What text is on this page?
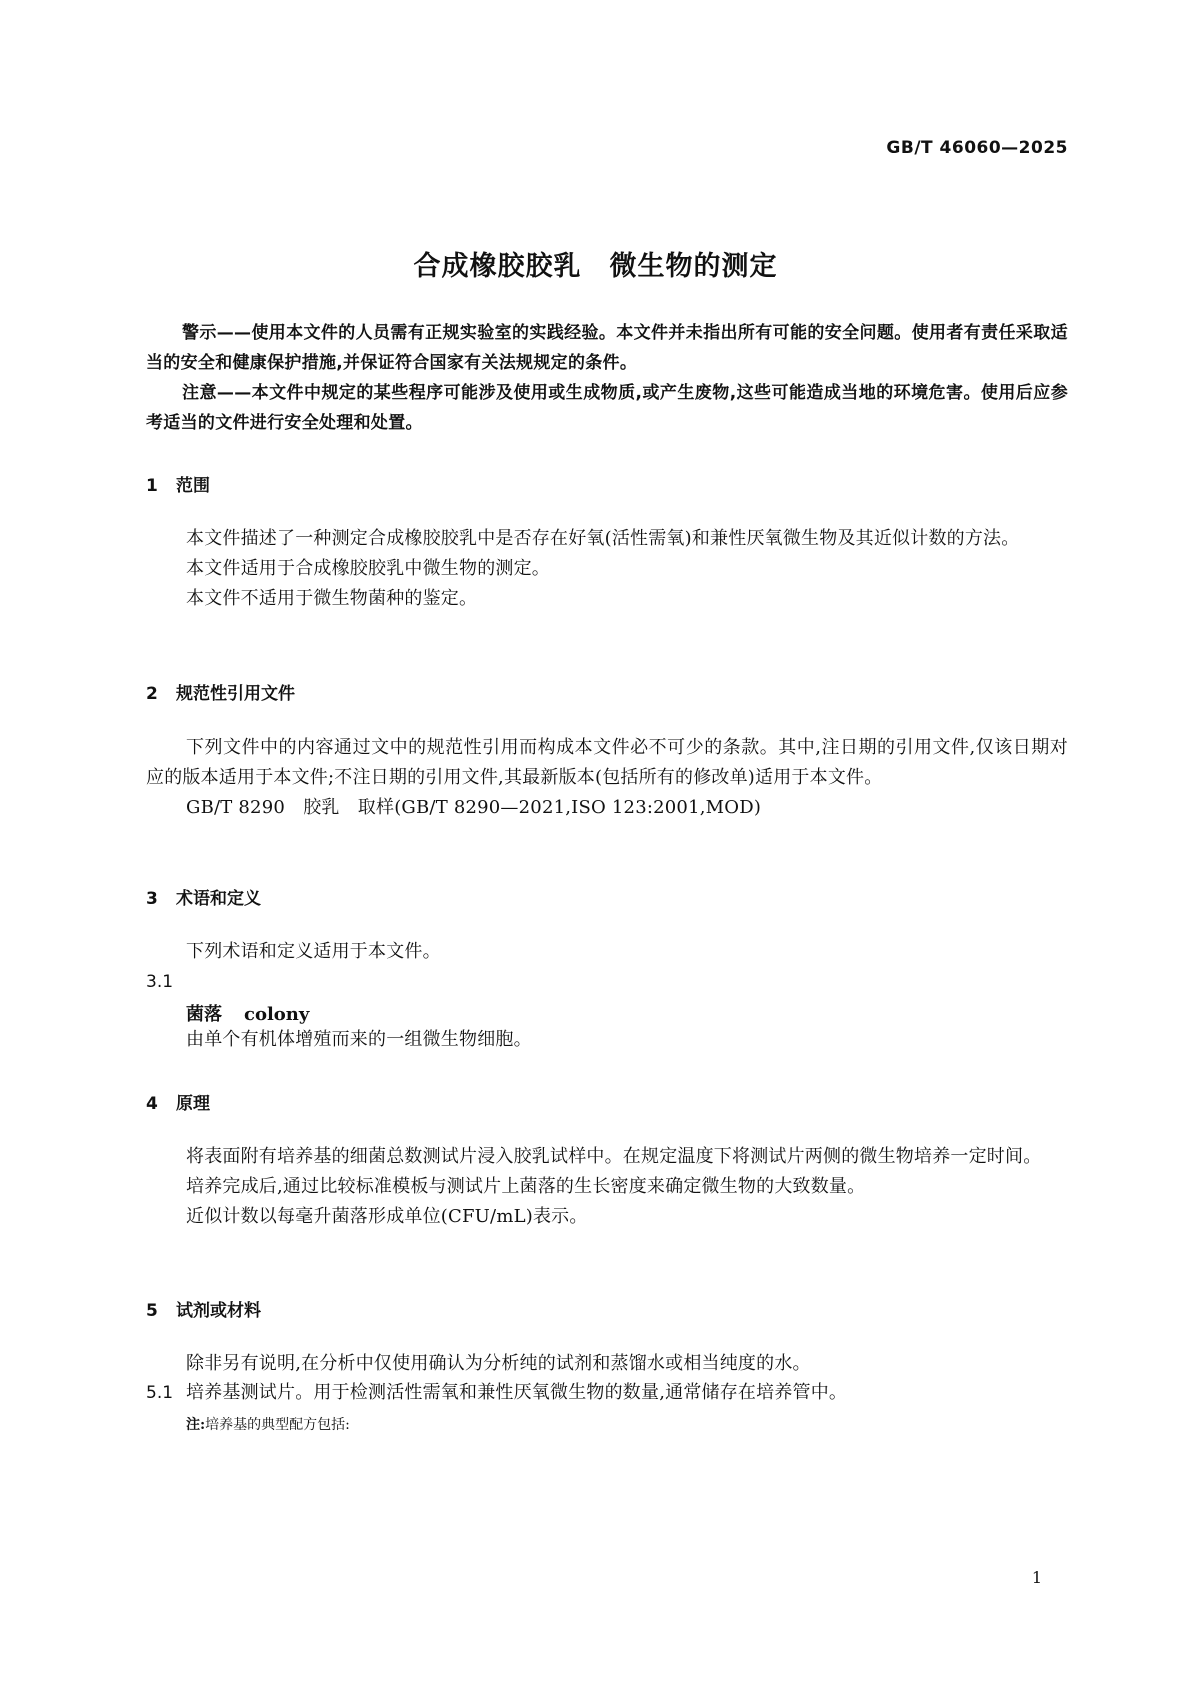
GB/T 46060—2025
合成橡胶胶乳　微生物的测定

警示——使用本文件的人员需有正规实验室的实践经验。本文件并未指出所有可能的安全问题。使用者有责任采取适当的安全和健康保护措施,并保证符合国家有关法规规定的条件。

注意——本文件中规定的某些程序可能涉及使用或生成物质,或产生废物,这些可能造成当地的环境危害。使用后应参考适当的文件进行安全处理和处置。

1 范围

本文件描述了一种测定合成橡胶胶乳中是否存在好氧(活性需氧)和兼性厌氧微生物及其近似计数的方法。

本文件适用于合成橡胶胶乳中微生物的测定。

本文件不适用于微生物菌种的鉴定。

2 规范性引用文件

下列文件中的内容通过文中的规范性引用而构成本文件必不可少的条款。其中,注日期的引用文件,仅该日期对应的版本适用于本文件;不注日期的引用文件,其最新版本(包括所有的修改单)适用于本文件。

GB/T 8290　胶乳　取样(GB/T 8290—2021,ISO 123:2001,MOD)

3 术语和定义

下列术语和定义适用于本文件。

3.1
菌落 colony

由单个有机体增殖而来的一组微生物细胞。

4 原理

将表面附有培养基的细菌总数测试片浸入胶乳试样中。在规定温度下将测试片两侧的微生物培养一定时间。

培养完成后,通过比较标准模板与测试片上菌落的生长密度来确定微生物的大致数量。

近似计数以每毫升菌落形成单位(CFU/mL)表示。

5 试剂或材料

除非另有说明,在分析中仅使用确认为分析纯的试剂和蒸馏水或相当纯度的水。

5.1 培养基测试片。用于检测活性需氧和兼性厌氧微生物的数量,通常储存在培养管中。

注:培养基的典型配方包括:
1
